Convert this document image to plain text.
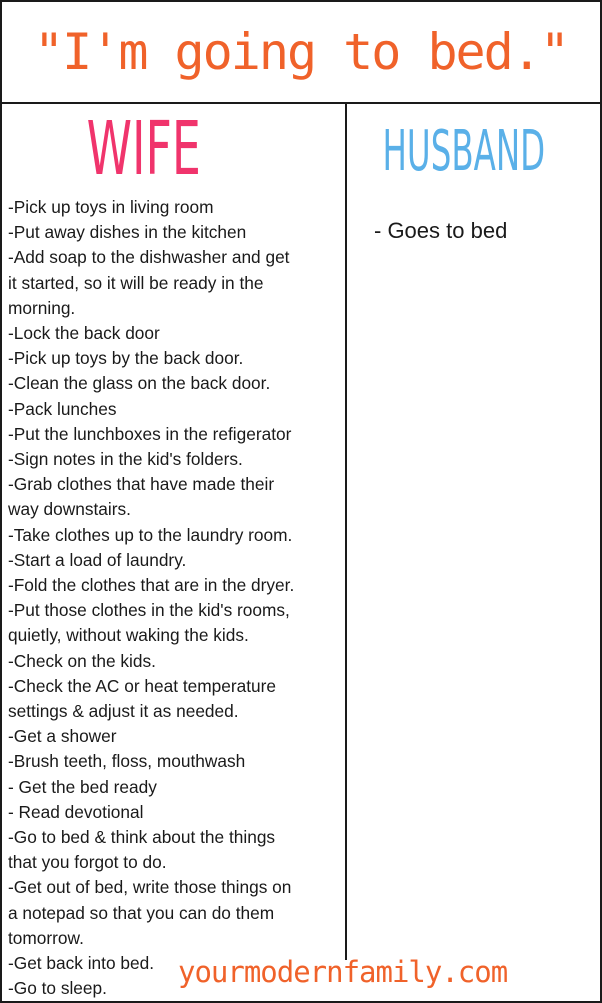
"I'm going to bed."
WIFE
-Pick up toys in living room
-Put away dishes in the kitchen
-Add soap to the dishwasher and get
it started, so it will be ready in the
morning.
-Lock the back door
-Pick up toys by the back door.
-Clean the glass on the back door.
-Pack lunches
-Put the lunchboxes in the refigerator
-Sign notes in the kid's folders.
-Grab clothes that have made their
way downstairs.
-Take clothes up to the laundry room.
-Start a load of laundry.
-Fold the clothes that are in the dryer.
-Put those clothes in the kid's rooms,
quietly, without waking the kids.
-Check on the kids.
-Check the AC or heat temperature
settings & adjust it as needed.
-Get a shower
-Brush teeth, floss, mouthwash
- Get the bed ready
- Read devotional
-Go to bed & think about the things
that you forgot to do.
-Get out of bed, write those things on
a notepad so that you can do them
tomorrow.
-Get back into bed.
-Go to sleep.
HUSBAND
- Goes to bed
yourmodernfamily.com
